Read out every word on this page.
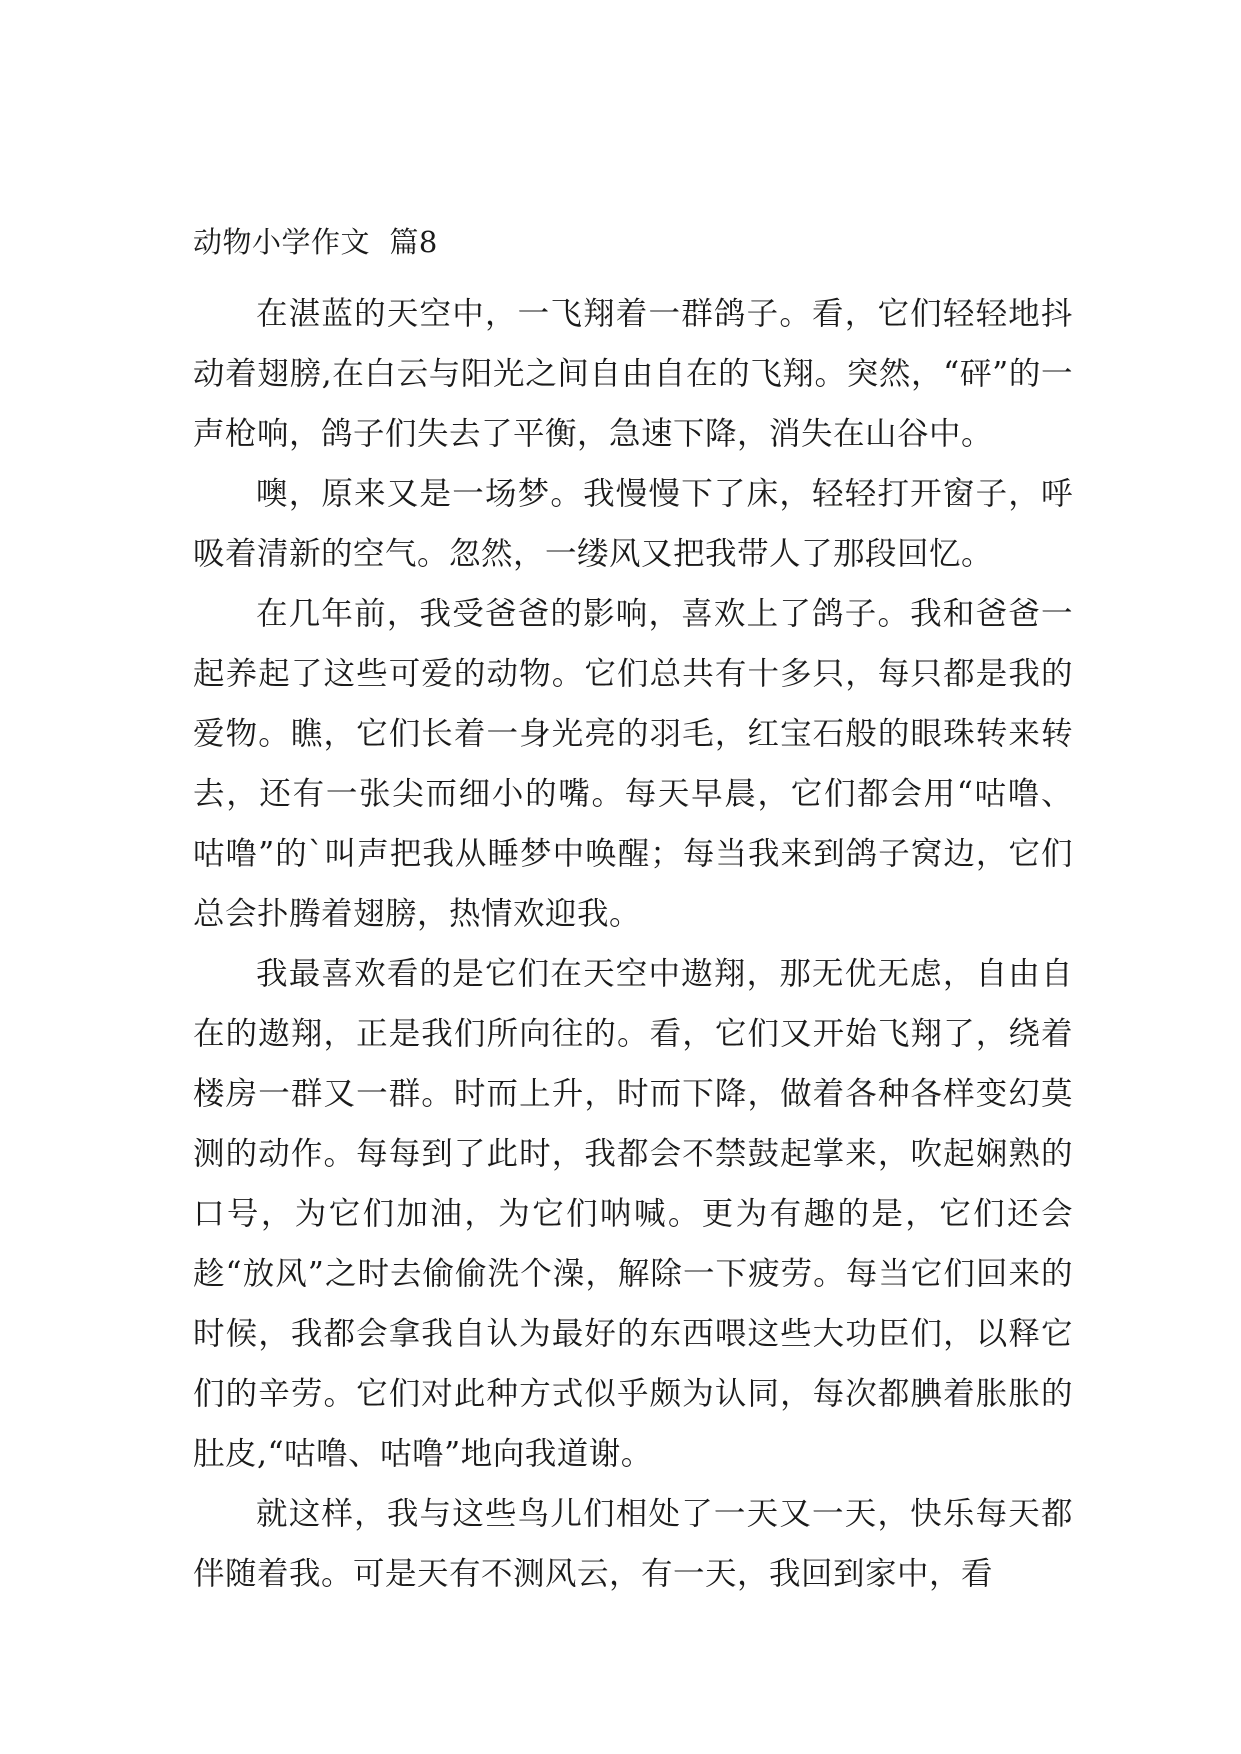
动物小学作文  篇8

在湛蓝的天空中，一飞翔着一群鸽子。看，它们轻轻地抖动着翅膀,在白云与阳光之间自由自在的飞翔。突然，“砰”的一声枪响，鸽子们失去了平衡，急速下降，消失在山谷中。

噢，原来又是一场梦。我慢慢下了床，轻轻打开窗子，呼吸着清新的空气。忽然，一缕风又把我带人了那段回忆。

在几年前，我受爸爸的影响，喜欢上了鸽子。我和爸爸一起养起了这些可爱的动物。它们总共有十多只，每只都是我的爱物。瞧，它们长着一身光亮的羽毛，红宝石般的眼珠转来转去，还有一张尖而细小的嘴。每天早晨，它们都会用“咕噜、咕噜”的`叫声把我从睡梦中唤醒；每当我来到鸽子窝边，它们总会扑腾着翅膀，热情欢迎我。

我最喜欢看的是它们在天空中遨翔，那无优无虑，自由自在的遨翔，正是我们所向往的。看，它们又开始飞翔了，绕着楼房一群又一群。时而上升，时而下降，做着各种各样变幻莫测的动作。每每到了此时，我都会不禁鼓起掌来，吹起娴熟的口号，为它们加油，为它们呐喊。更为有趣的是，它们还会趁“放风”之时去偷偷洗个澡，解除一下疲劳。每当它们回来的时候，我都会拿我自认为最好的东西喂这些大功臣们，以释它们的辛劳。它们对此种方式似乎颇为认同，每次都腆着胀胀的肚皮,“咕噜、咕噜”地向我道谢。

就这样，我与这些鸟儿们相处了一天又一天，快乐每天都伴随着我。可是天有不测风云，有一天，我回到家中，看
